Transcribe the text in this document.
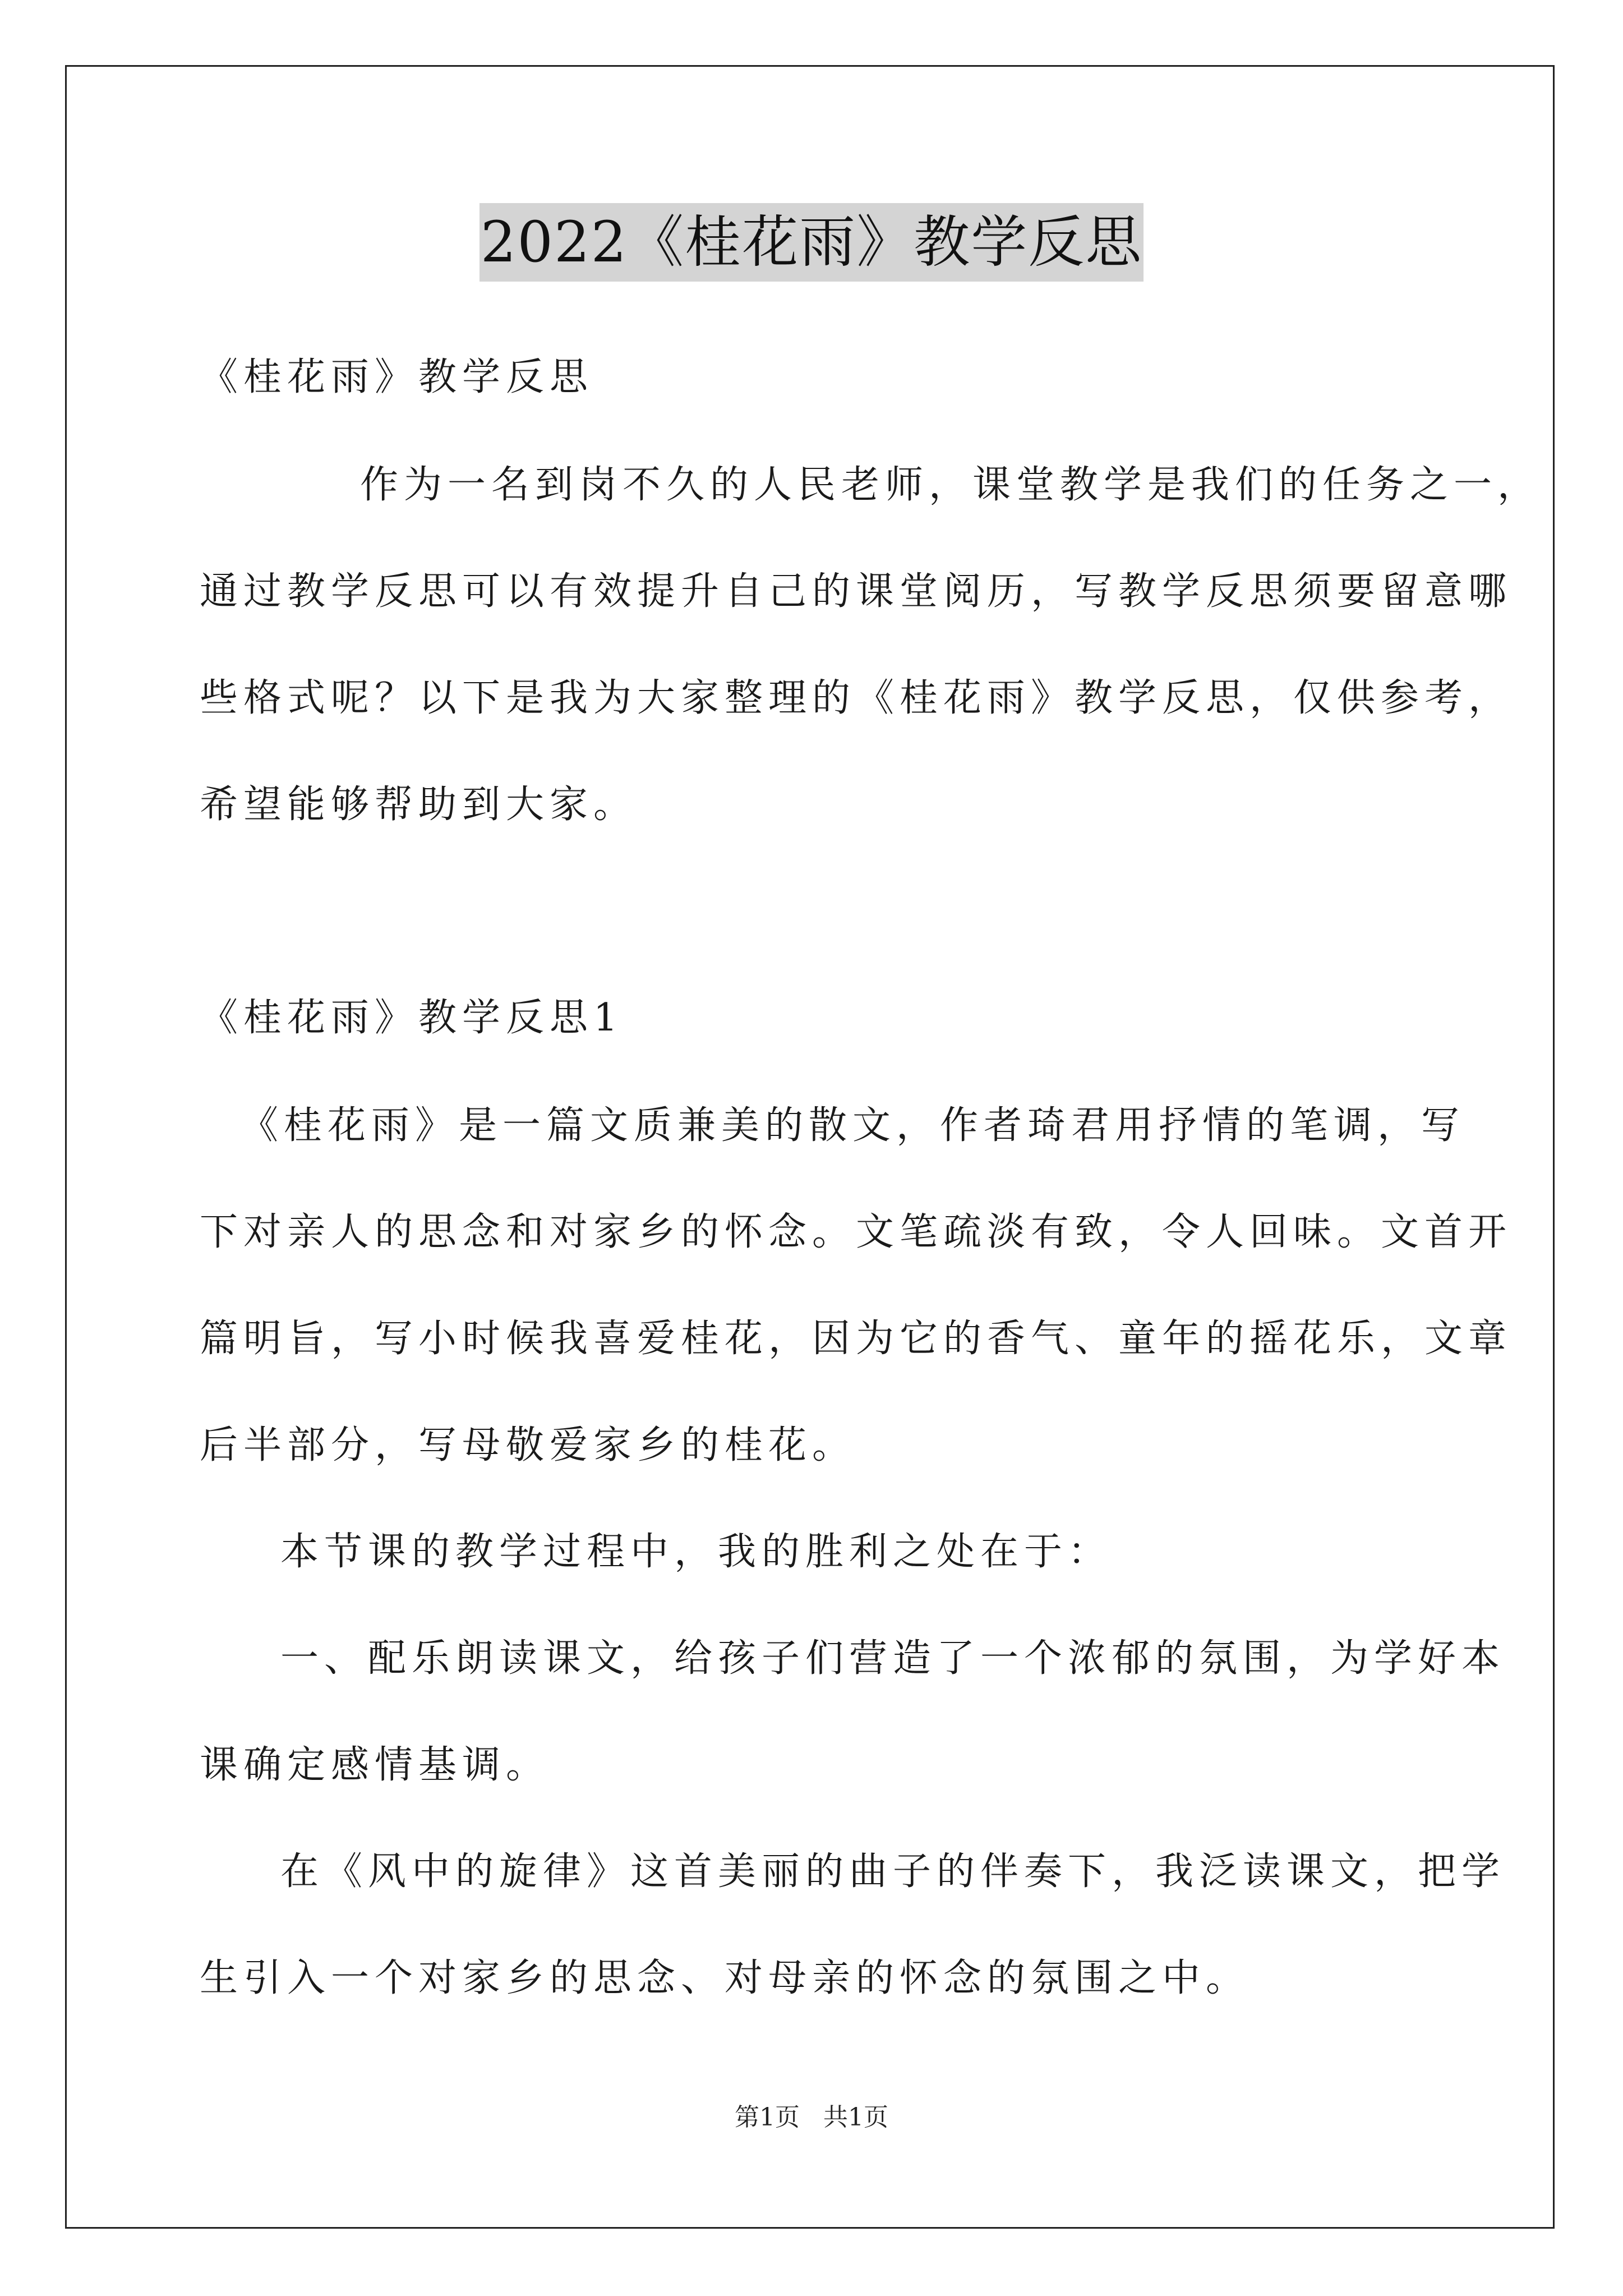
2022《桂花雨》教学反思
《桂花雨》教学反思
作为一名到岗不久的人民老师，课堂教学是我们的任务之一，
通过教学反思可以有效提升自己的课堂阅历，写教学反思须要留意哪
些格式呢？以下是我为大家整理的《桂花雨》教学反思，仅供参考，
希望能够帮助到大家。
《桂花雨》教学反思1
《桂花雨》是一篇文质兼美的散文，作者琦君用抒情的笔调，写
下对亲人的思念和对家乡的怀念。文笔疏淡有致，令人回味。文首开
篇明旨，写小时候我喜爱桂花，因为它的香气、童年的摇花乐，文章
后半部分，写母敬爱家乡的桂花。
本节课的教学过程中，我的胜利之处在于：
一、配乐朗读课文，给孩子们营造了一个浓郁的氛围，为学好本
课确定感情基调。
在《风中的旋律》这首美丽的曲子的伴奏下，我泛读课文，把学
生引入一个对家乡的思念、对母亲的怀念的氛围之中。
第1页   共1页
